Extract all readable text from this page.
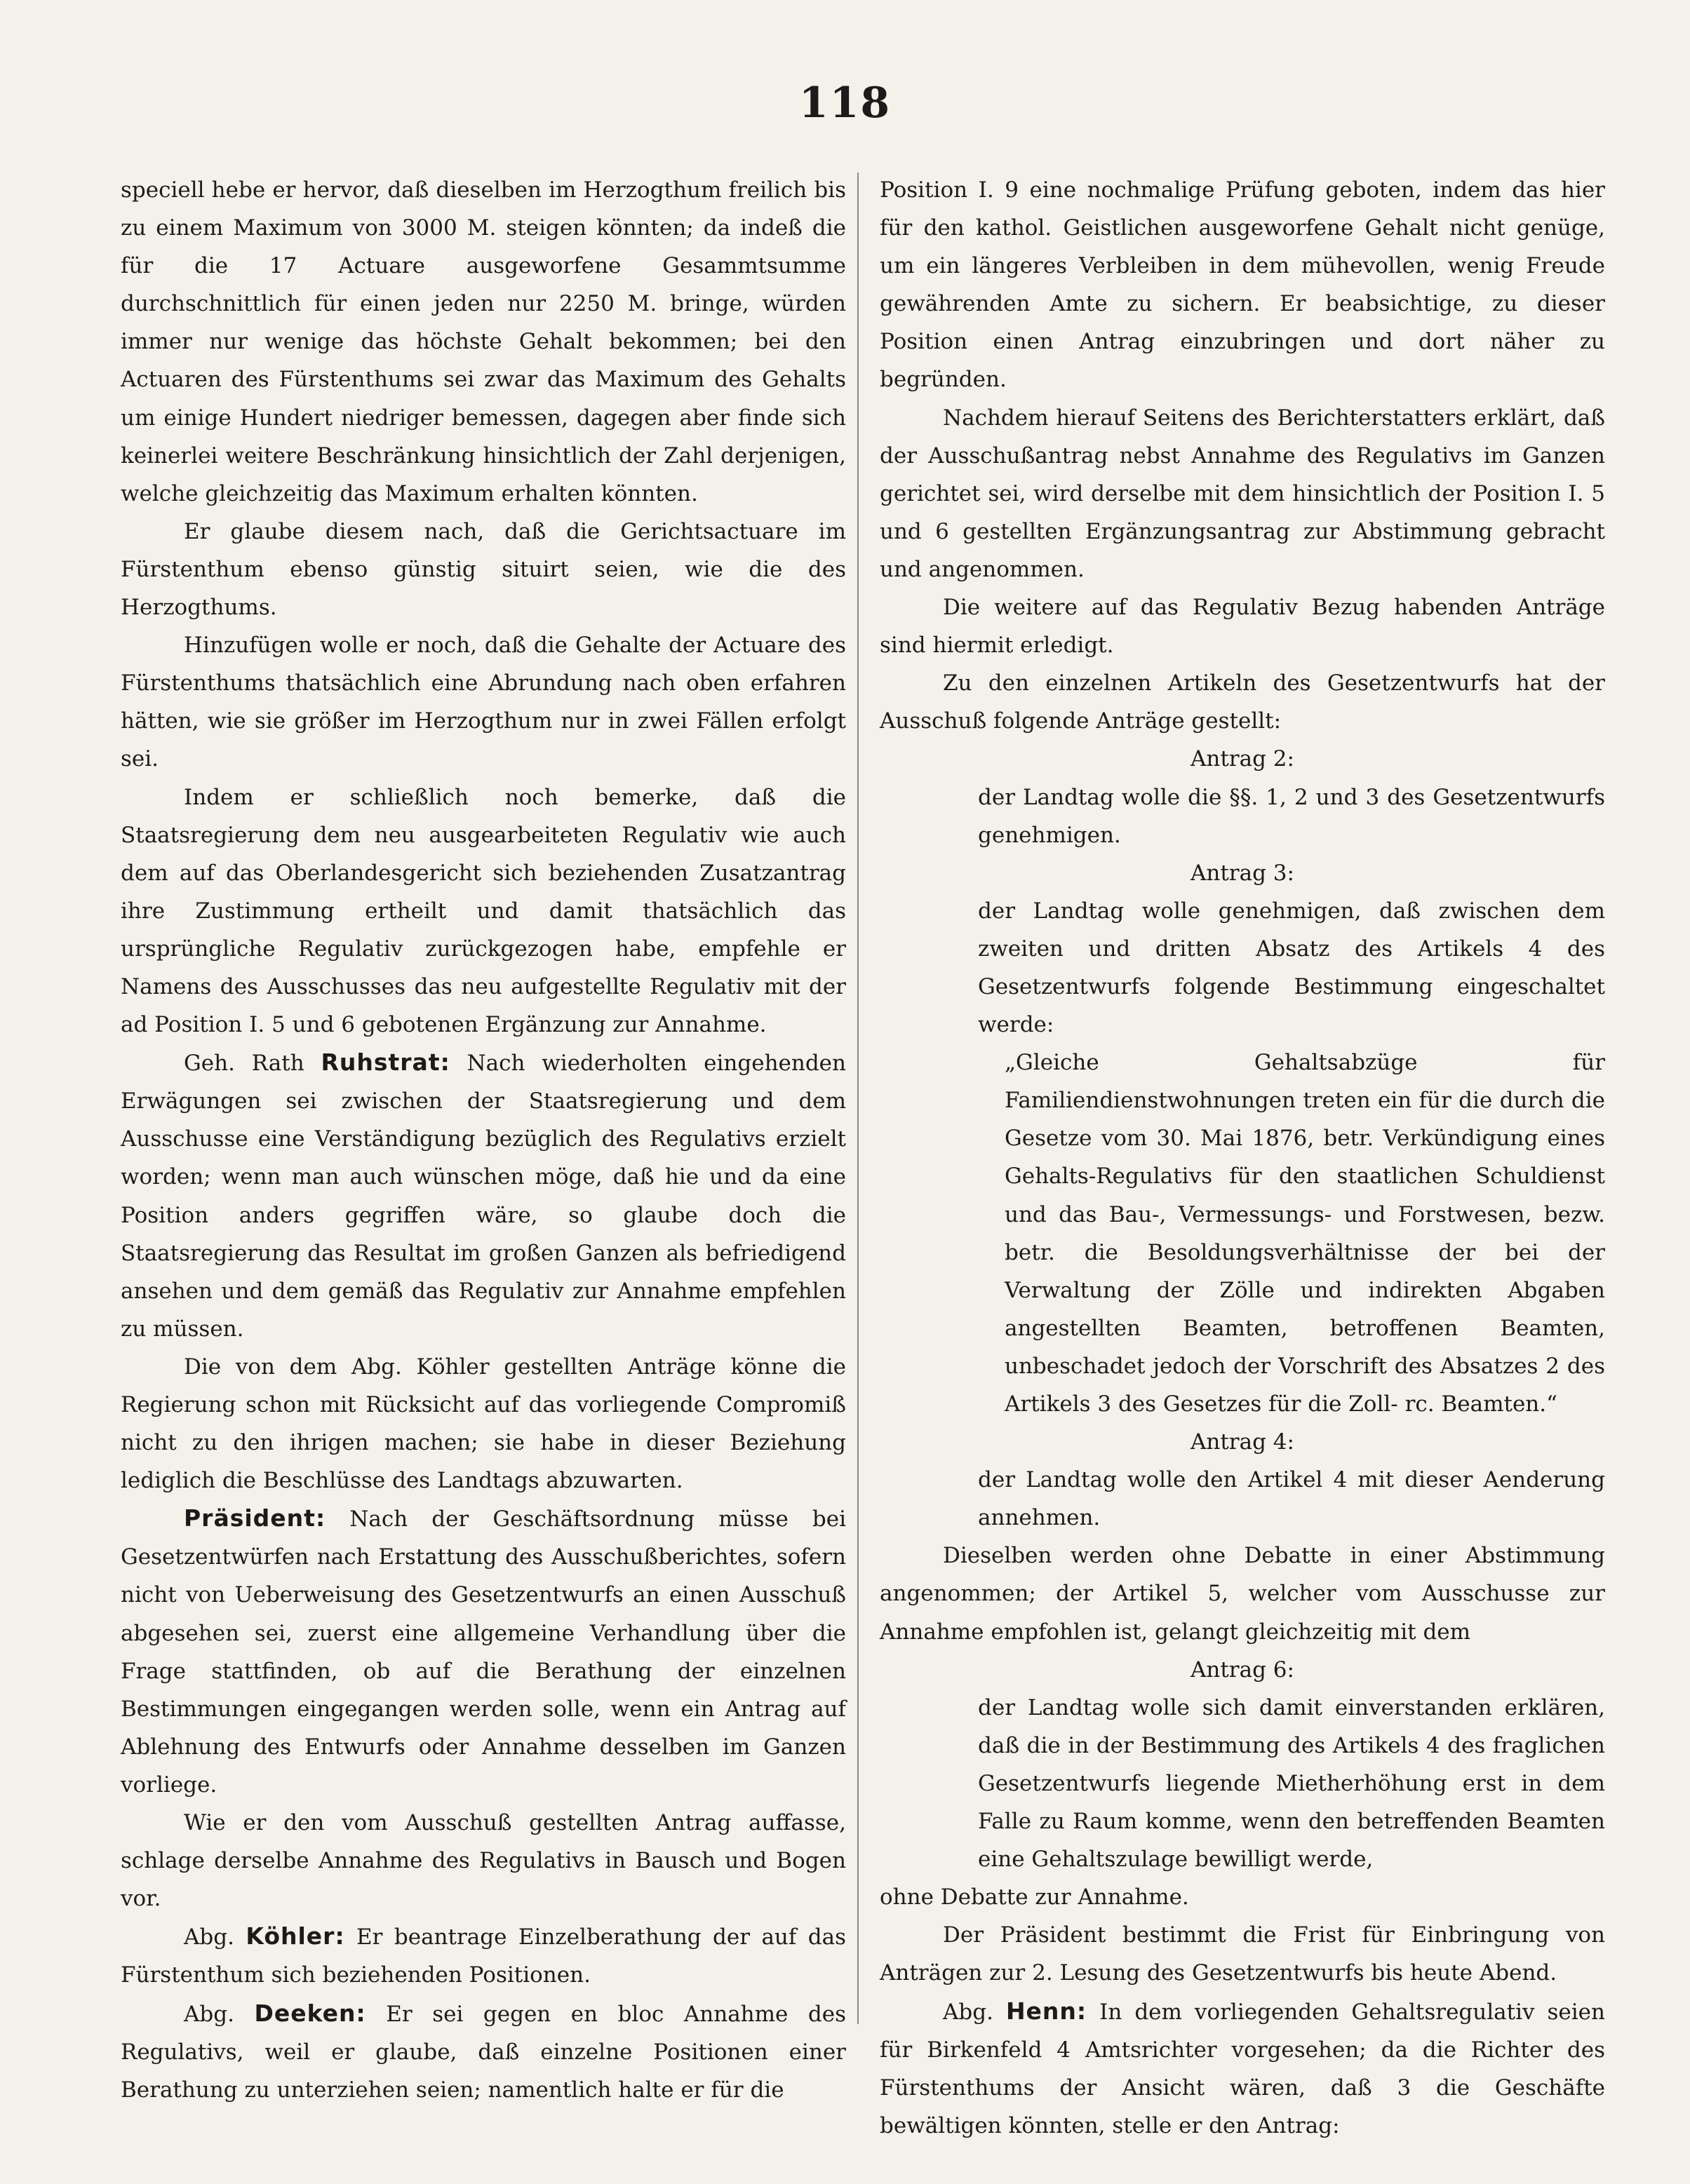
118

speciell hebe er hervor, daß dieselben im Herzogthum freilich bis zu einem Maximum von 3000 M. steigen könnten; da indeß die für die 17 Actuare ausgeworfene Gesammtsumme durchschnittlich für einen jeden nur 2250 M. bringe, würden immer nur wenige das höchste Gehalt bekommen; bei den Actuaren des Fürstenthums sei zwar das Maximum des Gehalts um einige Hundert niedriger bemessen, dagegen aber finde sich keinerlei weitere Beschränkung hinsichtlich der Zahl derjenigen, welche gleichzeitig das Maximum erhalten könnten.

Er glaube diesem nach, daß die Gerichtsactuare im Fürstenthum ebenso günstig situirt seien, wie die des Herzogthums.

Hinzufügen wolle er noch, daß die Gehalte der Actuare des Fürstenthums thatsächlich eine Abrundung nach oben erfahren hätten, wie sie größer im Herzogthum nur in zwei Fällen erfolgt sei.

Indem er schließlich noch bemerke, daß die Staatsregierung dem neu ausgearbeiteten Regulativ wie auch dem auf das Oberlandesgericht sich beziehenden Zusatzantrag ihre Zustimmung ertheilt und damit thatsächlich das ursprüngliche Regulativ zurückgezogen habe, empfehle er Namens des Ausschusses das neu aufgestellte Regulativ mit der ad Position I. 5 und 6 gebotenen Ergänzung zur Annahme.

Geh. Rath Ruhstrat: Nach wiederholten eingehenden Erwägungen sei zwischen der Staatsregierung und dem Ausschusse eine Verständigung bezüglich des Regulativs erzielt worden; wenn man auch wünschen möge, daß hie und da eine Position anders gegriffen wäre, so glaube doch die Staatsregierung das Resultat im großen Ganzen als befriedigend ansehen und dem gemäß das Regulativ zur Annahme empfehlen zu müssen.

Die von dem Abg. Köhler gestellten Anträge könne die Regierung schon mit Rücksicht auf das vorliegende Compromiß nicht zu den ihrigen machen; sie habe in dieser Beziehung lediglich die Beschlüsse des Landtags abzuwarten.

Präsident: Nach der Geschäftsordnung müsse bei Gesetzentwürfen nach Erstattung des Ausschußberichtes, sofern nicht von Ueberweisung des Gesetzentwurfs an einen Ausschuß abgesehen sei, zuerst eine allgemeine Verhandlung über die Frage stattfinden, ob auf die Berathung der einzelnen Bestimmungen eingegangen werden solle, wenn ein Antrag auf Ablehnung des Entwurfs oder Annahme desselben im Ganzen vorliege.

Wie er den vom Ausschuß gestellten Antrag auffasse, schlage derselbe Annahme des Regulativs in Bausch und Bogen vor.

Abg. Köhler: Er beantrage Einzelberathung der auf das Fürstenthum sich beziehenden Positionen.

Abg. Deeken: Er sei gegen en bloc Annahme des Regulativs, weil er glaube, daß einzelne Positionen einer Berathung zu unterziehen seien; namentlich halte er für die

Position I. 9 eine nochmalige Prüfung geboten, indem das hier für den kathol. Geistlichen ausgeworfene Gehalt nicht genüge, um ein längeres Verbleiben in dem mühevollen, wenig Freude gewährenden Amte zu sichern. Er beabsichtige, zu dieser Position einen Antrag einzubringen und dort näher zu begründen.

Nachdem hierauf Seitens des Berichterstatters erklärt, daß der Ausschußantrag nebst Annahme des Regulativs im Ganzen gerichtet sei, wird derselbe mit dem hinsichtlich der Position I. 5 und 6 gestellten Ergänzungsantrag zur Abstimmung gebracht und angenommen.

Die weitere auf das Regulativ Bezug habenden Anträge sind hiermit erledigt.

Zu den einzelnen Artikeln des Gesetzentwurfs hat der Ausschuß folgende Anträge gestellt:

Antrag 2:

der Landtag wolle die §§. 1, 2 und 3 des Gesetzentwurfs genehmigen.

Antrag 3:

der Landtag wolle genehmigen, daß zwischen dem zweiten und dritten Absatz des Artikels 4 des Gesetzentwurfs folgende Bestimmung eingeschaltet werde:

„Gleiche Gehaltsabzüge für Familiendienstwohnungen treten ein für die durch die Gesetze vom 30. Mai 1876, betr. Verkündigung eines Gehalts-Regulativs für den staatlichen Schuldienst und das Bau-, Vermessungs- und Forstwesen, bezw. betr. die Besoldungsverhältnisse der bei der Verwaltung der Zölle und indirekten Abgaben angestellten Beamten, betroffenen Beamten, unbeschadet jedoch der Vorschrift des Absatzes 2 des Artikels 3 des Gesetzes für die Zoll- rc. Beamten.“

Antrag 4:

der Landtag wolle den Artikel 4 mit dieser Aenderung annehmen.

Dieselben werden ohne Debatte in einer Abstimmung angenommen; der Artikel 5, welcher vom Ausschusse zur Annahme empfohlen ist, gelangt gleichzeitig mit dem

Antrag 6:

der Landtag wolle sich damit einverstanden erklären, daß die in der Bestimmung des Artikels 4 des fraglichen Gesetzentwurfs liegende Mietherhöhung erst in dem Falle zu Raum komme, wenn den betreffenden Beamten eine Gehaltszulage bewilligt werde,

ohne Debatte zur Annahme.

Der Präsident bestimmt die Frist für Einbringung von Anträgen zur 2. Lesung des Gesetzentwurfs bis heute Abend.

Abg. Henn: In dem vorliegenden Gehaltsregulativ seien für Birkenfeld 4 Amtsrichter vorgesehen; da die Richter des Fürstenthums der Ansicht wären, daß 3 die Geschäfte bewältigen könnten, stelle er den Antrag:
